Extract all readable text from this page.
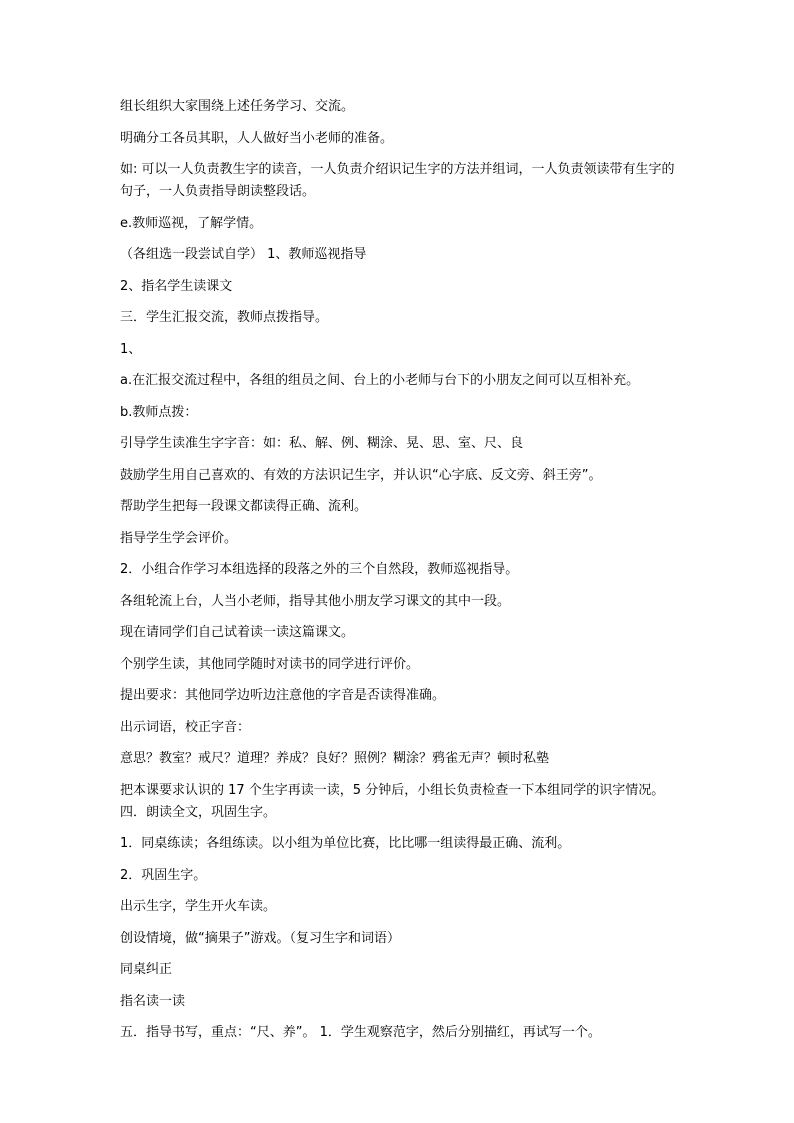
组长组织大家围绕上述任务学习、交流。

明确分工各员其职，人人做好当小老师的准备。

如: 可以一人负责教生字的读音，一人负责介绍识记生字的方法并组词，一人负责领读带有生字的句子，一人负责指导朗读整段话。

e.教师巡视，了解学情。

（各组选一段尝试自学） 1、教师巡视指导

2、指名学生读课文

三．学生汇报交流，教师点拨指导。

1、

a.在汇报交流过程中，各组的组员之间、台上的小老师与台下的小朋友之间可以互相补充。

b.教师点拨：

引导学生读准生字字音：如：私、解、例、糊涂、晃、思、室、尺、良

鼓励学生用自己喜欢的、有效的方法识记生字，并认识“心字底、反文旁、斜王旁”。

帮助学生把每一段课文都读得正确、流利。

指导学生学会评价。

2．小组合作学习本组选择的段落之外的三个自然段，教师巡视指导。

各组轮流上台，人当小老师，指导其他小朋友学习课文的其中一段。

现在请同学们自己试着读一读这篇课文。

个别学生读，其他同学随时对读书的同学进行评价。

提出要求：其他同学边听边注意他的字音是否读得准确。

出示词语，校正字音：

意思？教室？戒尺？道理？养成？良好？照例？糊涂？鸦雀无声？顿时私塾

把本课要求认识的 17 个生字再读一读，5 分钟后，小组长负责检查一下本组同学的识字情况。 四．朗读全文，巩固生字。

1．同桌练读；各组练读。以小组为单位比赛，比比哪一组读得最正确、流利。

2．巩固生字。

出示生字，学生开火车读。

创设情境，做“摘果子”游戏。（复习生字和词语）

同桌纠正

指名读一读

五．指导书写，重点：“尺、养”。 1．学生观察范字，然后分别描红，再试写一个。
